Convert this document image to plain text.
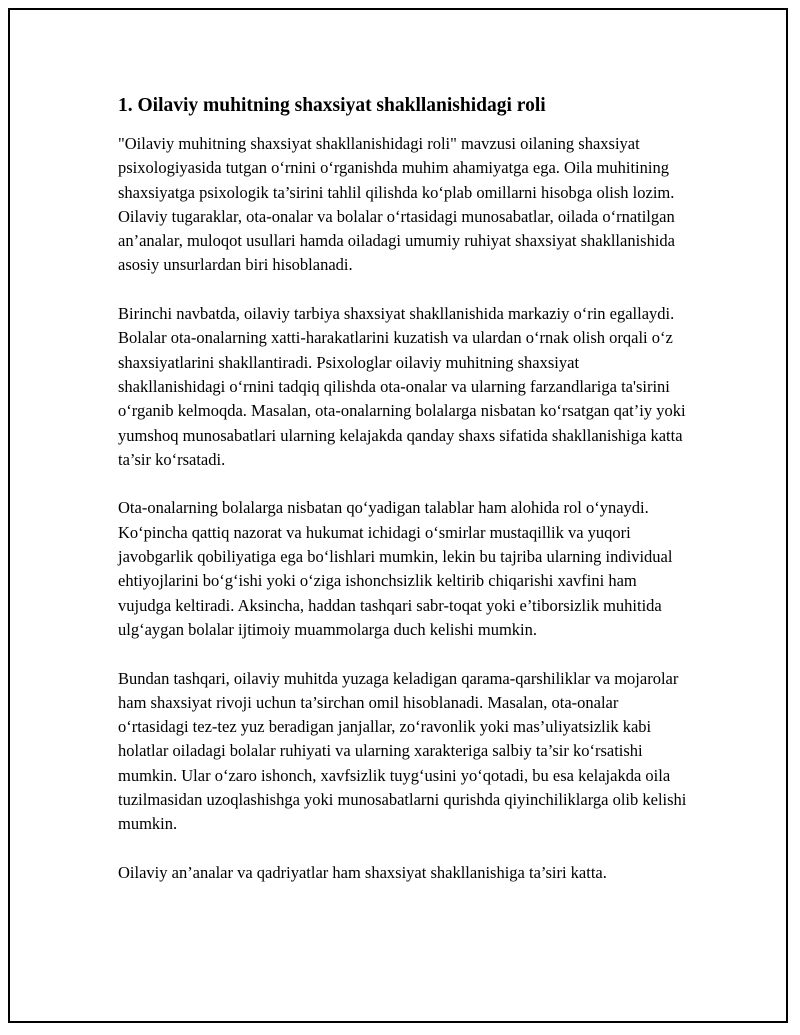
1. Oilaviy muhitning shaxsiyat shakllanishidagi roli

"Oilaviy muhitning shaxsiyat shakllanishidagi roli" mavzusi oilaning shaxsiyat psixologiyasida tutgan o‘rnini o‘rganishda muhim ahamiyatga ega. Oila muhitining shaxsiyatga psixologik ta’sirini tahlil qilishda ko‘plab omillarni hisobga olish lozim. Oilaviy tugaraklar, ota-onalar va bolalar o‘rtasidagi munosabatlar, oilada o‘rnatilgan an’analar, muloqot usullari hamda oiladagi umumiy ruhiyat shaxsiyat shakllanishida asosiy unsurlardan biri hisoblanadi.

Birinchi navbatda, oilaviy tarbiya shaxsiyat shakllanishida markaziy o‘rin egallaydi. Bolalar ota-onalarning xatti-harakatlarini kuzatish va ulardan o‘rnak olish orqali o‘z shaxsiyatlarini shakllantiradi. Psixologlar oilaviy muhitning shaxsiyat shakllanishidagi o‘rnini tadqiq qilishda ota-onalar va ularning farzandlariga ta'sirini o‘rganib kelmoqda. Masalan, ota-onalarning bolalarga nisbatan ko‘rsatgan qat’iy yoki yumshoq munosabatlari ularning kelajakda qanday shaxs sifatida shakllanishiga katta ta’sir ko‘rsatadi.

Ota-onalarning bolalarga nisbatan qo‘yadigan talablar ham alohida rol o‘ynaydi. Ko‘pincha qattiq nazorat va hukumat ichidagi o‘smirlar mustaqillik va yuqori javobgarlik qobiliyatiga ega bo‘lishlari mumkin, lekin bu tajriba ularning individual ehtiyojlarini bo‘g‘ishi yoki o‘ziga ishonchsizlik keltirib chiqarishi xavfini ham vujudga keltiradi. Aksincha, haddan tashqari sabr-toqat yoki e’tiborsizlik muhitida ulg‘aygan bolalar ijtimoiy muammolarga duch kelishi mumkin.

Bundan tashqari, oilaviy muhitda yuzaga keladigan qarama-qarshiliklar va mojarolar ham shaxsiyat rivoji uchun ta’sirchan omil hisoblanadi. Masalan, ota-onalar o‘rtasidagi tez-tez yuz beradigan janjallar, zo‘ravonlik yoki mas’uliyatsizlik kabi holatlar oiladagi bolalar ruhiyati va ularning xarakteriga salbiy ta’sir ko‘rsatishi mumkin. Ular o‘zaro ishonch, xavfsizlik tuyg‘usini yo‘qotadi, bu esa kelajakda oila tuzilmasidan uzoqlashishga yoki munosabatlarni qurishda qiyinchiliklarga olib kelishi mumkin.

Oilaviy an’analar va qadriyatlar ham shaxsiyat shakllanishiga ta’siri katta.
